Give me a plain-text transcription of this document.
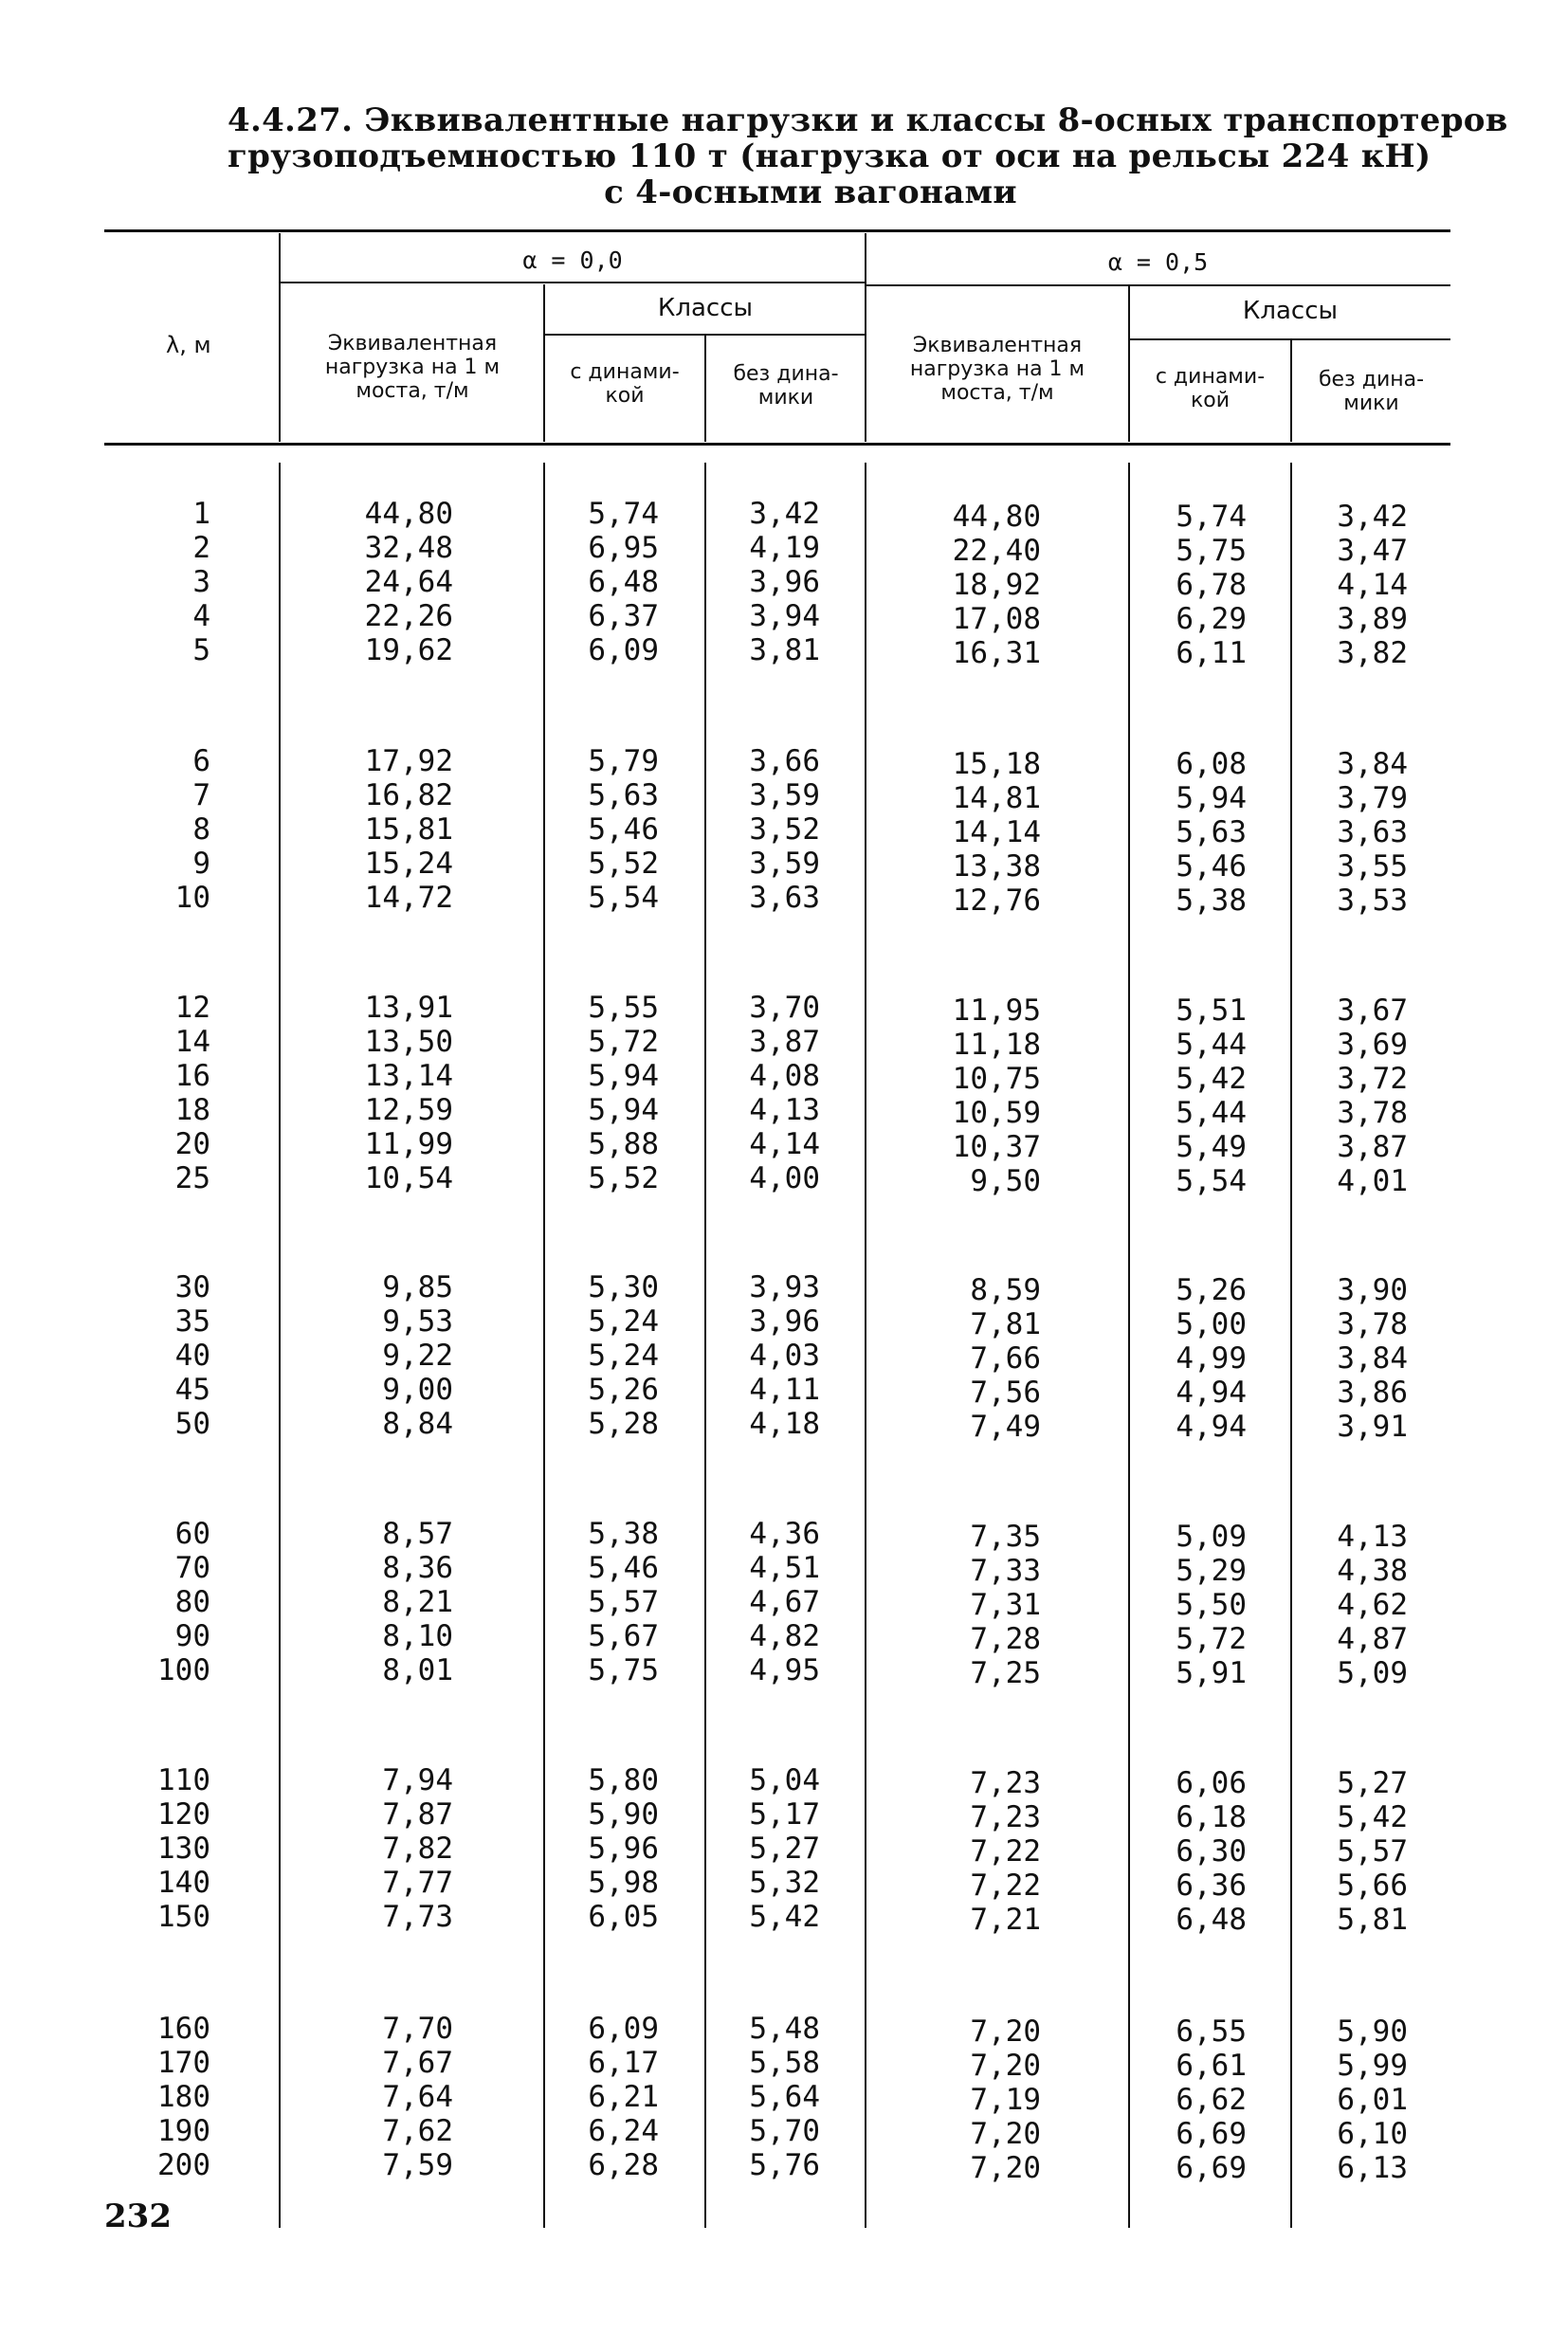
4.4.27. Эквивалентные нагрузки и классы 8-осных транспортеров
грузоподъемностью 110 т (нагрузка от оси на рельсы 224 кН)
с 4-осными вагонами
λ, м
α = 0,0	α = 0,5
Эквивалентная
нагрузка на 1 м
моста, т/м
Классы
с динами-
кой
без дина-
мики
Эквивалентная
нагрузка на 1 м
моста, т/м
Классы
с динами-
кой
без дина-
мики
1	44,80	5,74	3,42	44,80	5,74	3,42
2	32,48	6,95	4,19	22,40	5,75	3,47
3	24,64	6,48	3,96	18,92	6,78	4,14
4	22,26	6,37	3,94	17,08	6,29	3,89
5	19,62	6,09	3,81	16,31	6,11	3,82
6	17,92	5,79	3,66	15,18	6,08	3,84
7	16,82	5,63	3,59	14,81	5,94	3,79
8	15,81	5,46	3,52	14,14	5,63	3,63
9	15,24	5,52	3,59	13,38	5,46	3,55
10	14,72	5,54	3,63	12,76	5,38	3,53
12	13,91	5,55	3,70	11,95	5,51	3,67
14	13,50	5,72	3,87	11,18	5,44	3,69
16	13,14	5,94	4,08	10,75	5,42	3,72
18	12,59	5,94	4,13	10,59	5,44	3,78
20	11,99	5,88	4,14	10,37	5,49	3,87
25	10,54	5,52	4,00	9,50	5,54	4,01
30	9,85	5,30	3,93	8,59	5,26	3,90
35	9,53	5,24	3,96	7,81	5,00	3,78
40	9,22	5,24	4,03	7,66	4,99	3,84
45	9,00	5,26	4,11	7,56	4,94	3,86
50	8,84	5,28	4,18	7,49	4,94	3,91
60	8,57	5,38	4,36	7,35	5,09	4,13
70	8,36	5,46	4,51	7,33	5,29	4,38
80	8,21	5,57	4,67	7,31	5,50	4,62
90	8,10	5,67	4,82	7,28	5,72	4,87
100	8,01	5,75	4,95	7,25	5,91	5,09
110	7,94	5,80	5,04	7,23	6,06	5,27
120	7,87	5,90	5,17	7,23	6,18	5,42
130	7,82	5,96	5,27	7,22	6,30	5,57
140	7,77	5,98	5,32	7,22	6,36	5,66
150	7,73	6,05	5,42	7,21	6,48	5,81
160	7,70	6,09	5,48	7,20	6,55	5,90
170	7,67	6,17	5,58	7,20	6,61	5,99
180	7,64	6,21	5,64	7,19	6,62	6,01
190	7,62	6,24	5,70	7,20	6,69	6,10
200	7,59	6,28	5,76	7,20	6,69	6,13
232
